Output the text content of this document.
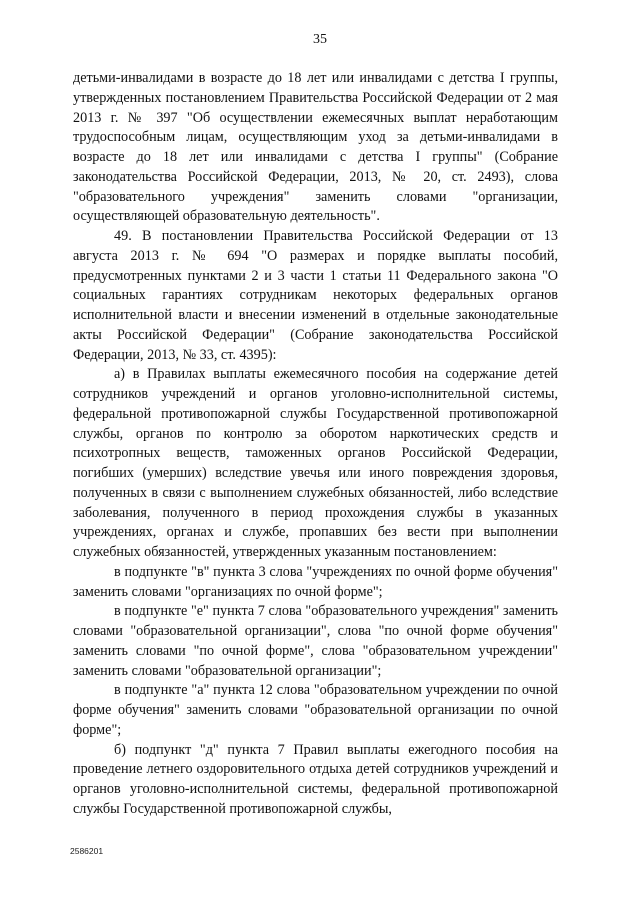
35

детьми-инвалидами в возрасте до 18 лет или инвалидами с детства I группы, утвержденных постановлением Правительства Российской Федерации от 2 мая 2013 г. № 397 "Об осуществлении ежемесячных выплат неработающим трудоспособным лицам, осуществляющим уход за детьми-инвалидами в возрасте до 18 лет или инвалидами с детства I группы" (Собрание законодательства Российской Федерации, 2013, № 20, ст. 2493), слова "образовательного учреждения" заменить словами "организации, осуществляющей образовательную деятельность".

49. В постановлении Правительства Российской Федерации от 13 августа 2013 г. № 694 "О размерах и порядке выплаты пособий, предусмотренных пунктами 2 и 3 части 1 статьи 11 Федерального закона "О социальных гарантиях сотрудникам некоторых федеральных органов исполнительной власти и внесении изменений в отдельные законодательные акты Российской Федерации" (Собрание законодательства Российской Федерации, 2013, № 33, ст. 4395):

а) в Правилах выплаты ежемесячного пособия на содержание детей сотрудников учреждений и органов уголовно-исполнительной системы, федеральной противопожарной службы Государственной противопожарной службы, органов по контролю за оборотом наркотических средств и психотропных веществ, таможенных органов Российской Федерации, погибших (умерших) вследствие увечья или иного повреждения здоровья, полученных в связи с выполнением служебных обязанностей, либо вследствие заболевания, полученного в период прохождения службы в указанных учреждениях, органах и службе, пропавших без вести при выполнении служебных обязанностей, утвержденных указанным постановлением:

в подпункте "в" пункта 3 слова "учреждениях по очной форме обучения" заменить словами "организациях по очной форме";

в подпункте "е" пункта 7 слова "образовательного учреждения" заменить словами "образовательной организации", слова "по очной форме обучения" заменить словами "по очной форме", слова "образовательном учреждении" заменить словами "образовательной организации";

в подпункте "а" пункта 12 слова "образовательном учреждении по очной форме обучения" заменить словами "образовательной организации по очной форме";

б) подпункт "д" пункта 7 Правил выплаты ежегодного пособия на проведение летнего оздоровительного отдыха детей сотрудников учреждений и органов уголовно-исполнительной системы, федеральной противопожарной службы Государственной противопожарной службы,

2586201
